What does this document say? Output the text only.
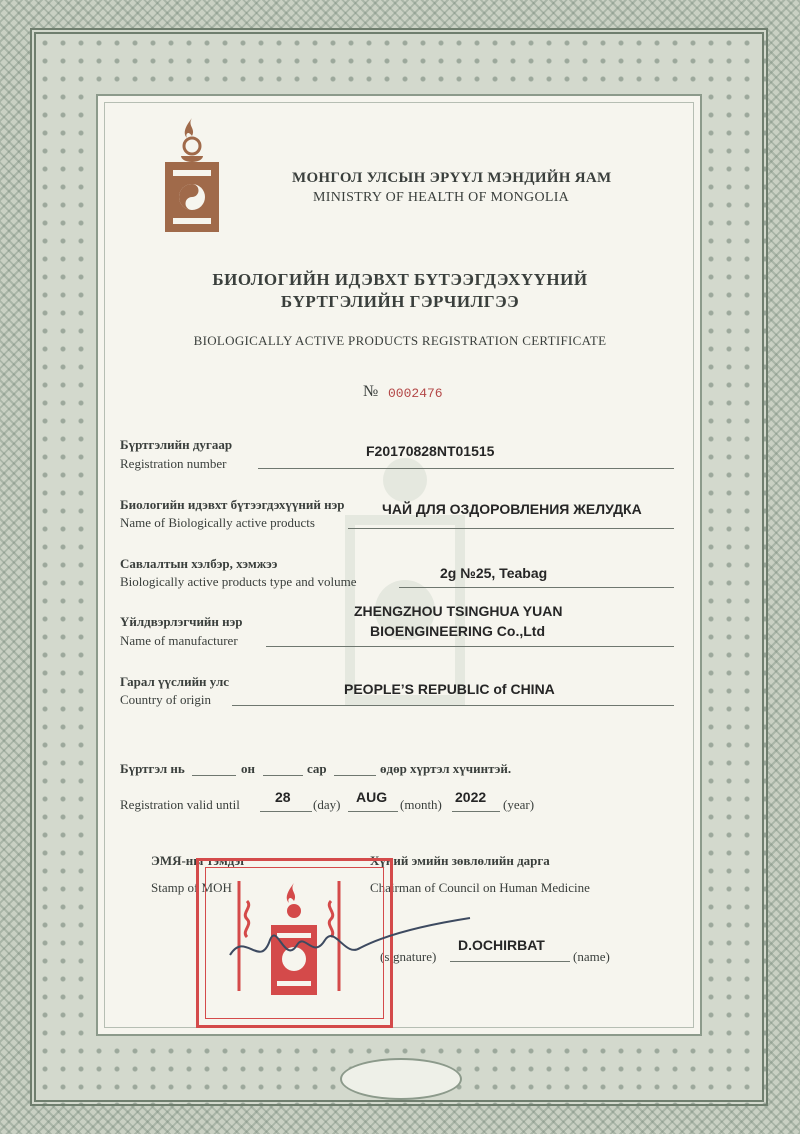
МОНГОЛ УЛСЫН ЭРҮҮЛ МЭНДИЙН ЯАМ
MINISTRY OF HEALTH OF MONGOLIA
БИОЛОГИЙН ИДЭВХТ БҮТЭЭГДЭХҮҮНИЙ
БҮРТГЭЛИЙН ГЭРЧИЛГЭЭ
BIOLOGICALLY ACTIVE PRODUCTS REGISTRATION CERTIFICATE
№ 0002476
Бүртгэлийн дугаар
Registration number
F20170828NT01515
Биологийн идэвхт бүтээгдэхүүний нэр
Name of Biologically active products
ЧАЙ ДЛЯ ОЗДОРОВЛЕНИЯ ЖЕЛУДКА
Савлалтын хэлбэр, хэмжээ
Biologically active products type and volume
2g №25, Teabag
Үйлдвэрлэгчийн нэр
Name of manufacturer
ZHENGZHOU TSINGHUA YUAN
BIOENGINEERING Co.,Ltd
Гарал үүслийн улс
Country of origin
PEOPLE’S REPUBLIC of CHINA
Бүртгэл нь	он	сар	өдөр хүртэл хүчинтэй.
Registration valid until	28 (day) AUG (month) 2022 (year)
ЭМЯ-ны тэмдэг
Stamp of MOH
Хүний эмийн зөвлөлийн дарга
Chairman of Council on Human Medicine
(signature)
D.OCHIRBAT
(name)
